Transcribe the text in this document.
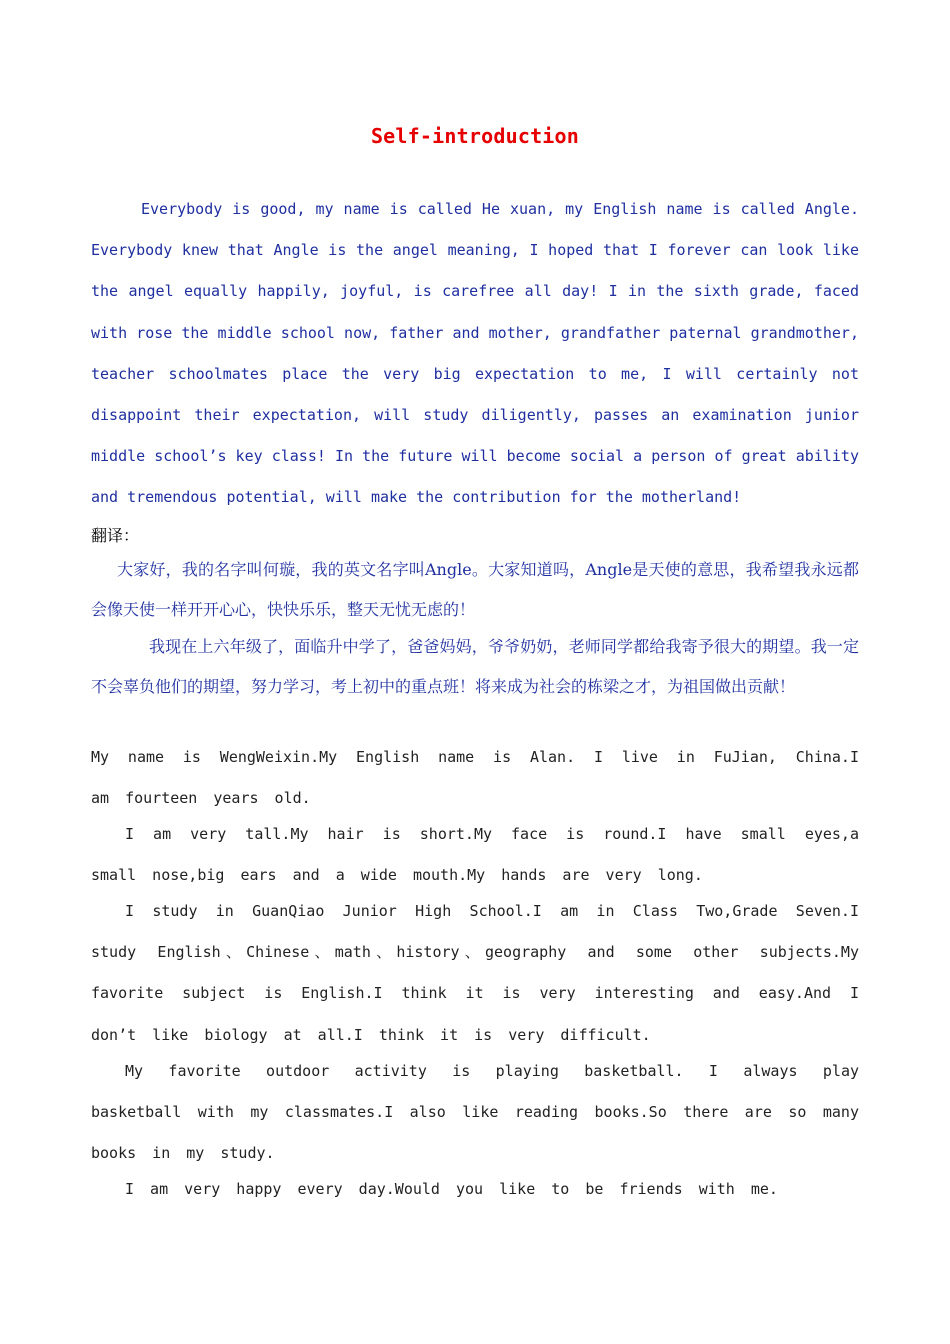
Self-introduction

Everybody is good, my name is called He xuan, my English name is called Angle. Everybody knew that Angle is the angel meaning, I hoped that I forever can look like the angel equally happily, joyful, is carefree all day! I in the sixth grade, faced with rose the middle school now, father and mother, grandfather paternal grandmother, teacher schoolmates place the very big expectation to me, I will certainly not disappoint their expectation, will study diligently, passes an examination junior middle school’s key class! In the future will become social a person of great ability and tremendous potential, will make the contribution for the motherland!

翻译：

大家好，我的名字叫何璇，我的英文名字叫Angle。大家知道吗，Angle是天使的意思，我希望我永远都会像天使一样开开心心，快快乐乐，整天无忧无虑的！

我现在上六年级了，面临升中学了，爸爸妈妈，爷爷奶奶，老师同学都给我寄予很大的期望。我一定不会辜负他们的期望，努力学习，考上初中的重点班！将来成为社会的栋梁之才，为祖国做出贡献！

My name is WengWeixin.My English name is Alan. I live in FuJian, China.I am fourteen years old.

I am very tall.My hair is short.My face is round.I have small eyes,a small nose,big ears and a wide mouth.My hands are very long.

I study in GuanQiao Junior High School.I am in Class Two,Grade Seven.I study English、Chinese、math、history、geography and some other subjects.My favorite subject is English.I think it is very interesting and easy.And I don’t like biology at all.I think it is very difficult.

My favorite outdoor activity is playing basketball. I always play basketball with my classmates.I also like reading books.So there are so many books in my study.

I am very happy every day.Would you like to be friends with me.
